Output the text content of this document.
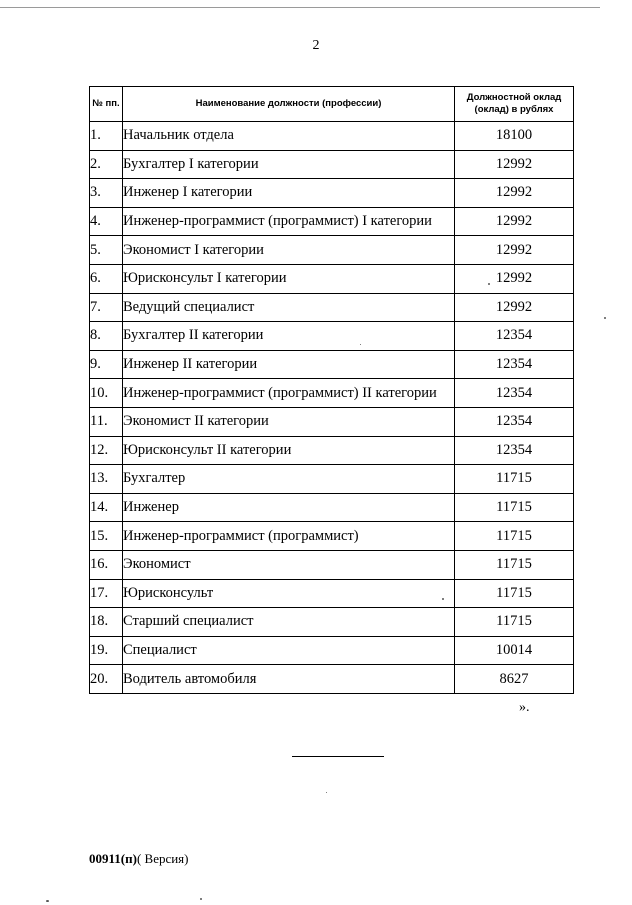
2
№ пп.	Наименование должности (профессии)	Должностной оклад (оклад) в рублях
1.	Начальник отдела	18100
2.	Бухгалтер I категории	12992
3.	Инженер I категории	12992
4.	Инженер-программист (программист) I категории	12992
5.	Экономист I категории	12992
6.	Юрисконсульт I категории	12992
7.	Ведущий специалист	12992
8.	Бухгалтер II категории	12354
9.	Инженер II категории	12354
10.	Инженер-программист (программист) II категории	12354
11.	Экономист II категории	12354
12.	Юрисконсульт II категории	12354
13.	Бухгалтер	11715
14.	Инженер	11715
15.	Инженер-программист (программист)	11715
16.	Экономист	11715
17.	Юрисконсульт	11715
18.	Старший специалист	11715
19.	Специалист	10014
20.	Водитель автомобиля	8627
».
00911(п)( Версия)
